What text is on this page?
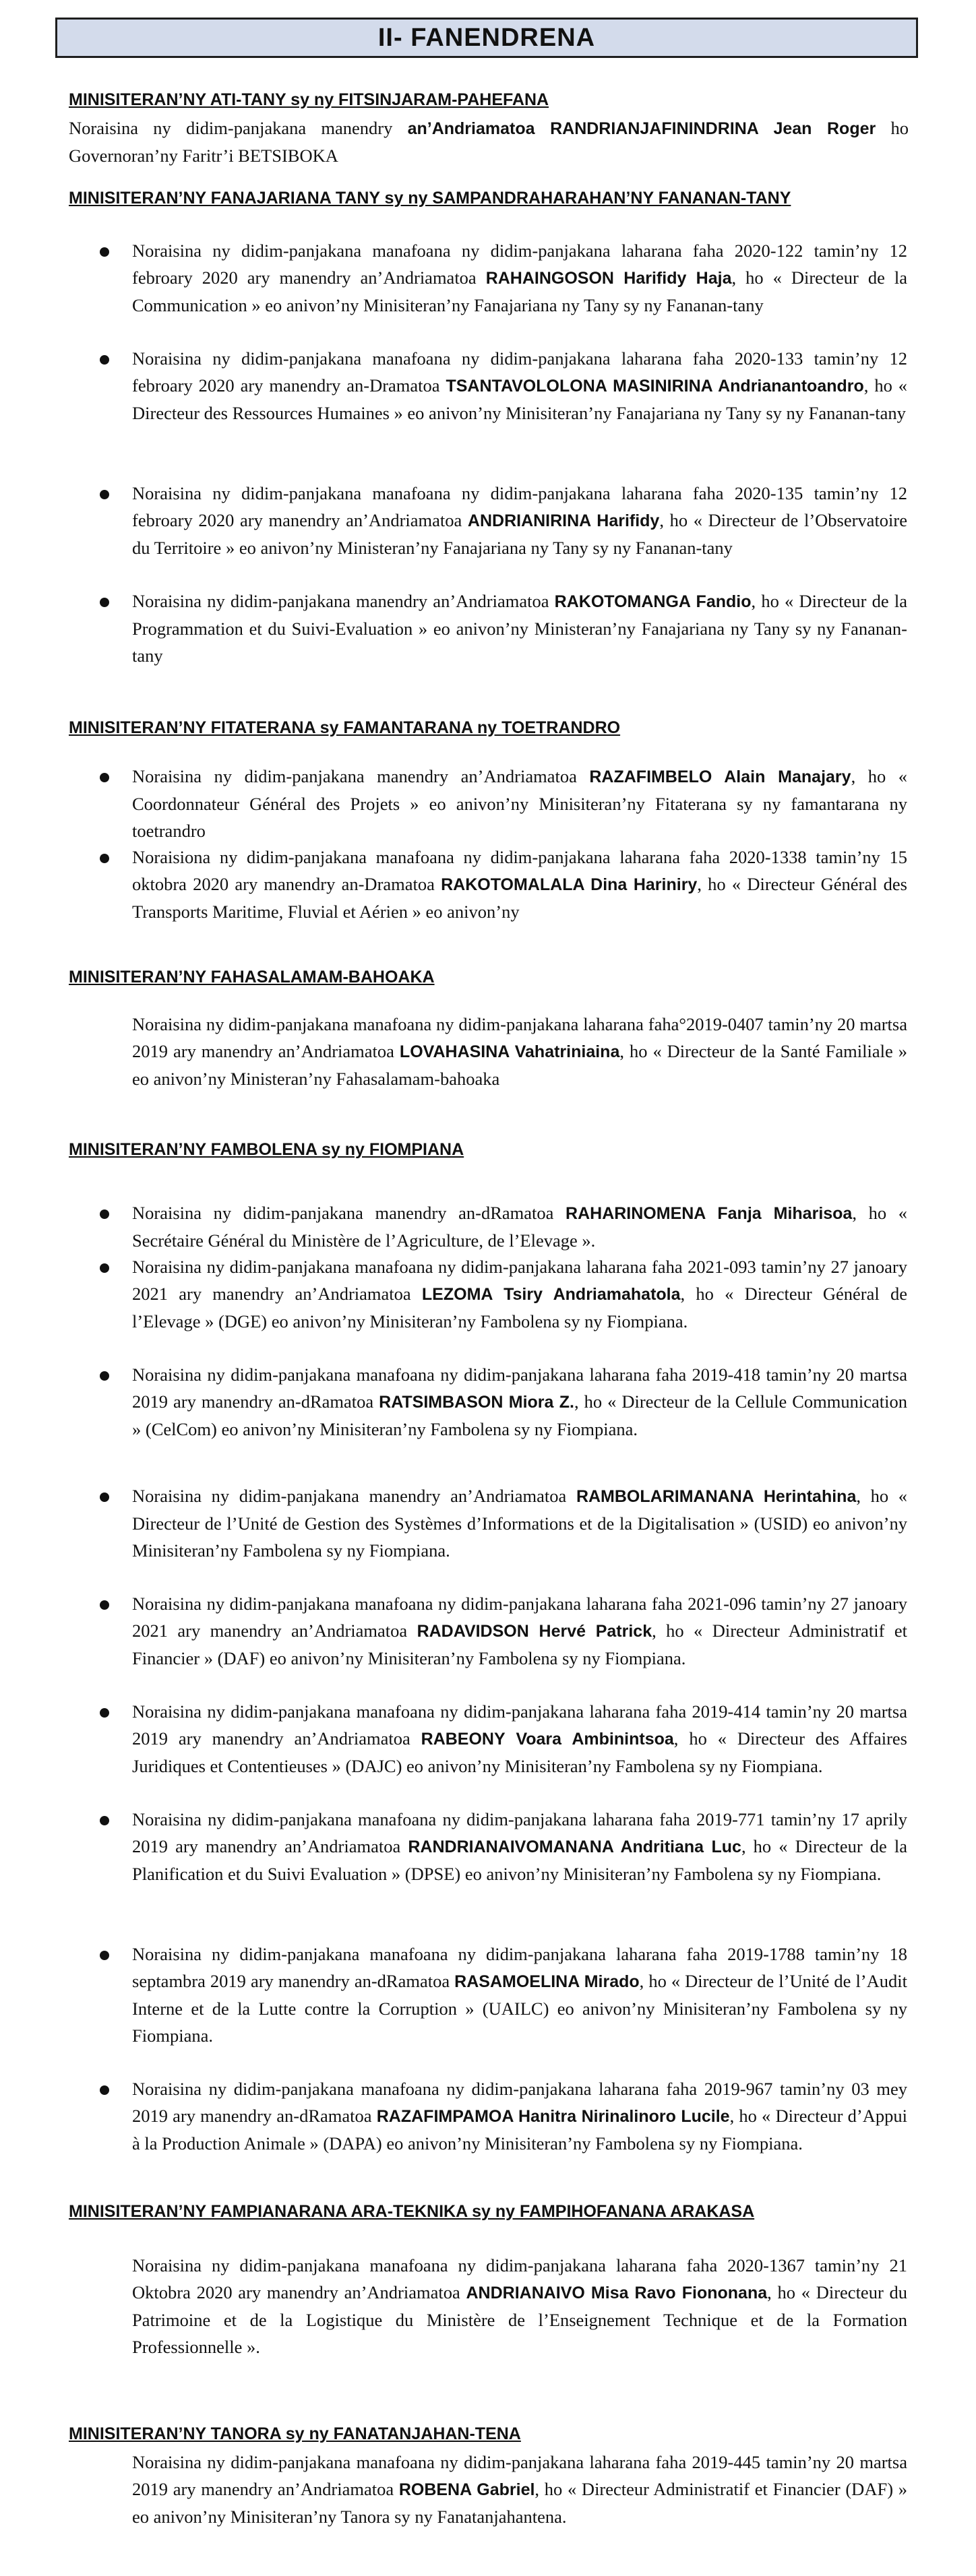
II- FANENDRENA
MINISITERAN’NY ATI-TANY sy ny FITSINJARAM-PAHEFANA

Noraisina ny didim-panjakana manendry an’Andriamatoa RANDRIANJAFININDRINA Jean Roger ho Governoran’ny Faritr’i BETSIBOKA

MINISITERAN’NY FANAJARIANA TANY sy ny SAMPANDRAHARAHAN’NY FANANAN-TANY

Noraisina ny didim-panjakana manafoana ny didim-panjakana laharana faha 2020-122 tamin’ny 12 febroary 2020 ary manendry an’Andriamatoa RAHAINGOSON Harifidy Haja, ho « Directeur de la Communication » eo anivon’ny Minisiteran’ny Fanajariana ny Tany sy ny Fananan-tany

Noraisina ny didim-panjakana manafoana ny didim-panjakana laharana faha 2020-133 tamin’ny 12 febroary 2020 ary manendry an-Dramatoa TSANTAVOLOLONA MASINIRINA Andrianantoandro, ho « Directeur des Ressources Humaines » eo anivon’ny Minisiteran’ny Fanajariana ny Tany sy ny Fananan-tany

Noraisina ny didim-panjakana manafoana ny didim-panjakana laharana faha 2020-135 tamin’ny 12 febroary 2020 ary manendry an’Andriamatoa ANDRIANIRINA Harifidy, ho « Directeur de l’Observatoire du Territoire » eo anivon’ny Ministeran’ny Fanajariana ny Tany sy ny Fananan-tany

Noraisina ny didim-panjakana manendry an’Andriamatoa RAKOTOMANGA Fandio, ho « Directeur de la Programmation et du Suivi-Evaluation » eo anivon’ny Ministeran’ny Fanajariana ny Tany sy ny Fananan-tany

MINISITERAN’NY FITATERANA sy FAMANTARANA ny TOETRANDRO

Noraisina ny didim-panjakana manendry an’Andriamatoa RAZAFIMBELO Alain Manajary, ho « Coordonnateur Général des Projets » eo anivon’ny Minisiteran’ny Fitaterana sy ny famantarana ny toetrandro

Noraisiona ny didim-panjakana manafoana ny didim-panjakana laharana faha 2020-1338 tamin’ny 15 oktobra 2020 ary manendry an-Dramatoa RAKOTOMALALA Dina Hariniry, ho « Directeur Général des Transports Maritime, Fluvial et Aérien » eo anivon’ny

MINISITERAN’NY FAHASALAMAM-BAHOAKA

Noraisina ny didim-panjakana manafoana ny didim-panjakana laharana faha°2019-0407 tamin’ny 20 martsa 2019 ary manendry an’Andriamatoa LOVAHASINA Vahatriniaina, ho « Directeur de la Santé Familiale » eo anivon’ny Ministeran’ny Fahasalamam-bahoaka

MINISITERAN’NY FAMBOLENA sy ny FIOMPIANA

Noraisina ny didim-panjakana manendry an-dRamatoa RAHARINOMENA Fanja Miharisoa, ho « Secrétaire Général du Ministère de l’Agriculture, de l’Elevage ».

Noraisina ny didim-panjakana manafoana ny didim-panjakana laharana faha 2021-093 tamin’ny 27 janoary 2021 ary manendry an’Andriamatoa LEZOMA Tsiry Andriamahatola, ho « Directeur Général de l’Elevage » (DGE) eo anivon’ny Minisiteran’ny Fambolena sy ny Fiompiana.

Noraisina ny didim-panjakana manafoana ny didim-panjakana laharana faha 2019-418 tamin’ny 20 martsa 2019 ary manendry an-dRamatoa RATSIMBASON Miora Z., ho « Directeur de la Cellule Communication » (CelCom) eo anivon’ny Minisiteran’ny Fambolena sy ny Fiompiana.

Noraisina ny didim-panjakana manendry an’Andriamatoa RAMBOLARIMANANA Herintahina, ho « Directeur de l’Unité de Gestion des Systèmes d’Informations et de la Digitalisation » (USID) eo anivon’ny Minisiteran’ny Fambolena sy ny Fiompiana.

Noraisina ny didim-panjakana manafoana ny didim-panjakana laharana faha 2021-096 tamin’ny 27 janoary 2021 ary manendry an’Andriamatoa RADAVIDSON Hervé Patrick, ho « Directeur Administratif et Financier » (DAF) eo anivon’ny Minisiteran’ny Fambolena sy ny Fiompiana.

Noraisina ny didim-panjakana manafoana ny didim-panjakana laharana faha 2019-414 tamin’ny 20 martsa 2019 ary manendry an’Andriamatoa RABEONY Voara Ambinintsoa, ho « Directeur des Affaires Juridiques et Contentieuses » (DAJC) eo anivon’ny Minisiteran’ny Fambolena sy ny Fiompiana.

Noraisina ny didim-panjakana manafoana ny didim-panjakana laharana faha 2019-771 tamin’ny 17 aprily 2019 ary manendry an’Andriamatoa RANDRIANAIVOMANANA Andritiana Luc, ho « Directeur de la Planification et du Suivi Evaluation » (DPSE) eo anivon’ny Minisiteran’ny Fambolena sy ny Fiompiana.

Noraisina ny didim-panjakana manafoana ny didim-panjakana laharana faha 2019-1788 tamin’ny 18 septambra 2019 ary manendry an-dRamatoa RASAMOELINA Mirado, ho « Directeur de l’Unité de l’Audit Interne et de la Lutte contre la Corruption » (UAILC) eo anivon’ny Minisiteran’ny Fambolena sy ny Fiompiana.

Noraisina ny didim-panjakana manafoana ny didim-panjakana laharana faha 2019-967 tamin’ny 03 mey 2019 ary manendry an-dRamatoa RAZAFIMPAMOA Hanitra Nirinalinoro Lucile, ho « Directeur d’Appui à la Production Animale » (DAPA) eo anivon’ny Minisiteran’ny Fambolena sy ny Fiompiana.

MINISITERAN’NY FAMPIANARANA ARA-TEKNIKA sy ny FAMPIHOFANANA ARAKASA

Noraisina ny didim-panjakana manafoana ny didim-panjakana laharana faha 2020-1367 tamin’ny 21 Oktobra 2020 ary manendry an’Andriamatoa ANDRIANAIVO Misa Ravo Fiononana, ho « Directeur du Patrimoine et de la Logistique du Ministère de l’Enseignement Technique et de la Formation Professionnelle ».

MINISITERAN’NY TANORA sy ny FANATANJAHAN-TENA

Noraisina ny didim-panjakana manafoana ny didim-panjakana laharana faha 2019-445 tamin’ny 20 martsa 2019 ary manendry an’Andriamatoa ROBENA Gabriel, ho « Directeur Administratif et Financier (DAF) » eo anivon’ny Minisiteran’ny Tanora sy ny Fanatanjahantena.
